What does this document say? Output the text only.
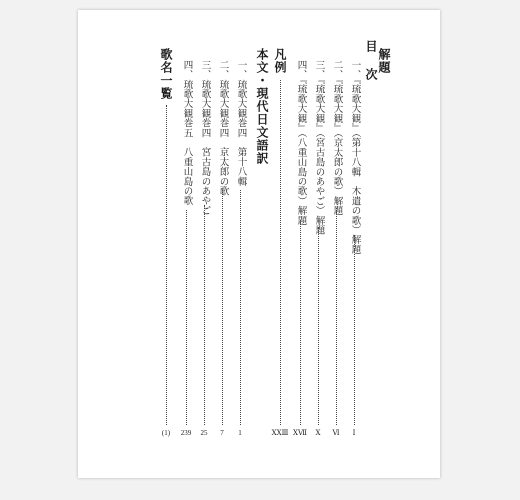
目　次 解題
一、『琉歌大観』（第十八輯　木遣の歌）解題
Ⅰ
二、『琉歌大観』（京太郎の歌）解題
Ⅵ
三、『琉歌大観』（宮古島のあやご）解題
Ⅹ
四、『琉歌大観』（八重山島の歌）解題
ⅩⅦ
凡例
ⅩⅩⅢ
本文・現代日文語訳
一、琉歌大観巻四　第十八輯
1
二、琉歌大観巻四　京太郎の歌
7
三、琉歌大観巻四　宮古島のあやご
25
四、琉歌大観巻五　八重山島の歌
239
歌名一覧
(1)
